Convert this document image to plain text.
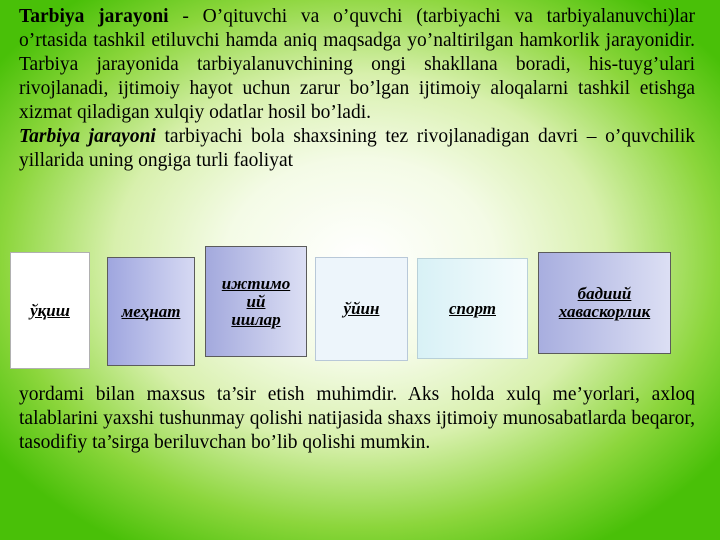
Tarbiya jarayoni - O’qituvchi va o’quvchi (tarbiyachi va tarbiyalanuvchi)lar o’rtasida tashkil etiluvchi hamda aniq maqsadga yo’naltirilgan hamkorlik jarayonidir. Tarbiya jarayonida tarbiyalanuvchining ongi shakllana boradi, his-tuyg’ulari rivojlanadi, ijtimoiy hayot uchun zarur bo’lgan ijtimoiy aloqalarni tashkil etishga xizmat qiladigan xulqiy odatlar hosil bo’ladi.
Tarbiya jarayoni tarbiyachi bola shaxsining tez rivojlanadigan davri – o’quvchilik yillarida uning ongiga turli faoliyat

ўқиш	меҳнат
ижтимо
ий
ишлар
ўйин	спорт
бадиий
хаваскорлик

yordami bilan maxsus ta’sir etish muhimdir. Aks holda xulq me’yorlari, axloq talablarini yaxshi tushunmay qolishi natijasida shaxs ijtimoiy munosabatlarda beqaror, tasodifiy ta’sirga beriluvchan bo’lib qolishi mumkin.
